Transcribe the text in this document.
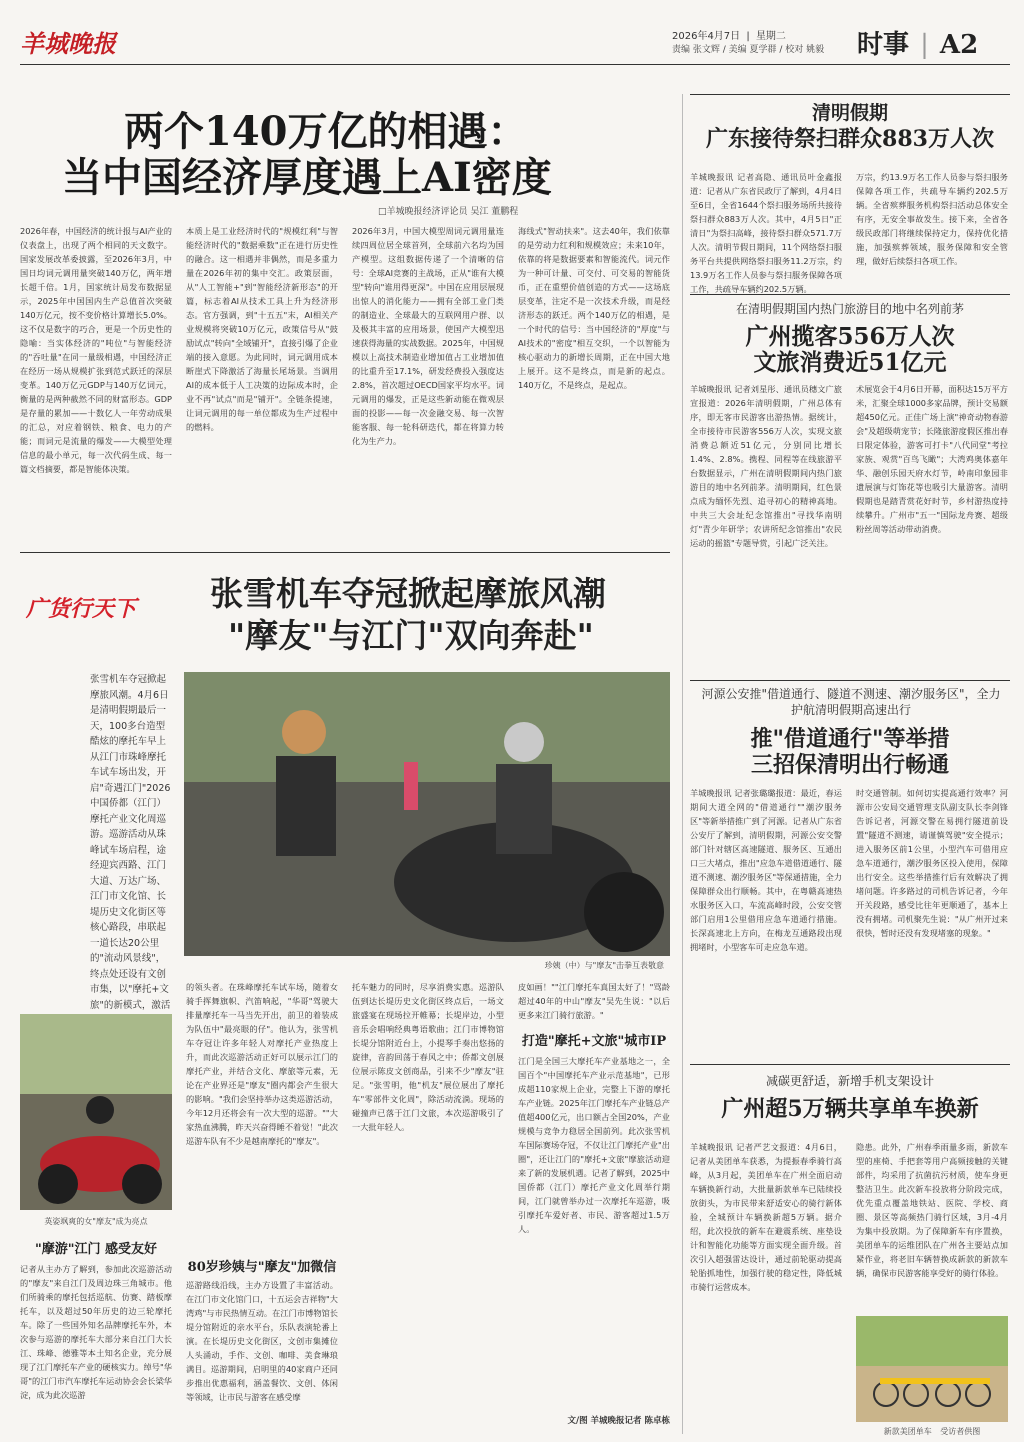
羊城晚报	2026年4月7日 | 星期二
责编 张文辉 / 美编 夏学群 / 校对 姚毅 时事 | A2
两个140万亿的相遇：
当中国经济厚度遇上AI密度
□羊城晚报经济评论员 吴江 董鹏程
2026年春，中国经济的统计报与AI产业的仪表盘上，出现了两个相同的天文数字。国家发展改革委披露，至2026年3月，中国日均词元调用量突破140万亿，两年增长超千倍。1月，国家统计局发布数据显示，2025年中国国内生产总值首次突破140万亿元，按不变价格计算增长5.0%。这不仅是数字的巧合，更是一个历史性的隐喻：当实体经济的"吨位"与智能经济的"吞吐量"在同一量级相遇，中国经济正在经历一场从规模扩张到范式跃迁的深层变革。140万亿元GDP与140万亿词元，衡量的是两种截然不同的财富形态。GDP是存量的累加——十数亿人一年劳动成果的汇总，对应着钢铁、粮食、电力的产能；而词元是流量的爆发——大模型处理信息的最小单元，每一次代码生成、每一篇文档摘要，都是智能体决策。
本质上是工业经济时代的"规模红利"与智能经济时代的"数据乘数"正在进行历史性的融合。这一相遇并非偶然，而是多重力量在2026年初的集中交汇。政策层面，从"人工智能+"到"智能经济新形态"的开篇，标志着AI从技术工具上升为经济形态。官方强调，到"十五五"末，AI相关产业规模将突破10万亿元，政策信号从"鼓励试点"转向"全域铺开"，直接引爆了企业端的接入意愿。为此同时，词元调用成本断崖式下降激活了海量长尾场景。当调用AI的成本低于人工决策的边际成本时，企业不再"试点"而是"铺开"。全链条提速，让词元调用的每一单位都成为生产过程中的燃料。
2026年3月，中国大模型周词元调用量连续四周位居全球首列，全球前六名均为国产模型。这组数据传递了一个清晰的信号：全球AI竞赛的主战场，正从"谁有大模型"转向"谁用得更深"。中国在应用层展现出惊人的消化能力——拥有全部工业门类的制造业、全球最大的互联网用户群、以及极其丰富的应用场景，使国产大模型迅速获得海量的实战数据。2025年，中国规模以上高技术制造业增加值占工业增加值的比重升至17.1%，研发经费投入强度达2.8%，首次超过OECD国家平均水平。词元调用的爆发，正是这些新动能在微观层面的投影——每一次金融交易、每一次智能客服、每一轮科研迭代，都在将算力转化为生产力。
海线式"智动扶来"。这去40年，我们依靠的是劳动力红利和规模效应；未来10年，依靠的将是数据要素和智能流代。词元作为一种可计量、可交付、可交易的智能货币，正在重塑价值创造的方式——这场底层变革，注定不是一次技术升级，而是经济形态的跃迁。两个140万亿的相遇，是一个时代的信号：当中国经济的"厚度"与AI技术的"密度"相互交织，一个以智能为核心驱动力的新增长周期，正在中国大地上展开。这不是终点，而是新的起点。140万亿，不是终点，是起点。
清明假期
广东接待祭扫群众883万人次
羊城晚报讯 记者高隐、通讯员叶金鑫报道：记者从广东省民政厅了解到，4月4日至6日，全省1644个祭扫服务场所共接待祭扫群众883万人次。其中，4月5日"正清日"为祭扫高峰，接待祭扫群众571.7万人次。清明节假日期间，11个网络祭扫服务平台共提供网络祭扫服务11.2万宗，约13.9万名工作人员参与祭扫服务保障各项工作，共疏导车辆约202.5万辆。
万宗，约13.9万名工作人员参与祭扫服务保障各项工作，共疏导车辆约202.5万辆。全省殡葬服务机构祭扫活动总体安全有序，无安全事故发生。接下来，全省各级民政部门将继续保持定力，保持优化措施，加强殡葬领域，服务保障和安全管理，做好后续祭扫各项工作。
在清明假期国内热门旅游目的地中名列前茅
广州揽客556万人次
文旅消费近51亿元
羊城晚报讯 记者刘星彤、通讯员穗文广旅宣报道：2026年清明假期，广州总体有序，即无客市民游客出游热情。据统计，全市接待市民游客556万人次，实现文旅消费总额近51亿元，分别同比增长1.4%、2.8%。携程、同程等在线旅游平台数据显示，广州在清明假期间内热门旅游目的地中名列前茅。清明期间，红色景点成为缅怀先烈、追寻初心的精神高地。中共三大会址纪念馆推出"寻找华南明灯"青少年研学；农讲所纪念馆推出"农民运动的摇篮"专题导赏，引起广泛关注。
术展览会于4月6日开幕，面积达15万平方米，汇聚全球1000多家品牌，预计交易额超450亿元。正佳广场上演"神奇动物春游会"及超级萌宠节；长隆旅游度假区推出春日限定体验，游客可打卡"八代同堂"考拉家族、观赏"百鸟飞瞰"；大湾鸡奥体嘉年华、融创乐园天府水灯节，岭南印象园非遗展演与灯饰花等也吸引大量游客。清明假期也是踏青赏花好时节，乡村游热度持续攀升。广州市"五一"国际龙舟赛、超级粉丝周等活动带动消费。
河源公安推"借道通行、隧道不测速、潮汐服务区"，全力护航清明假期高速出行
推"借道通行"等举措
三招保清明出行畅通
羊城晚报讯 记者张璐璐报道：最近，春运期间大道全网的"借道通行""潮汐服务区"等新举措推广到了河源。记者从广东省公安厅了解到，清明假期，河源公安交警部门针对辖区高速隧道、服务区、互通出口三大堵点，推出"应急车道借道通行、隧道不测速、潮汐服务区"等保通措施，全力保障群众出行顺畅。其中，在粤赣高速热水服务区入口，车流高峰时段，公安交管部门启用1公里借用应急车道通行措施。长深高速北上方向，在梅龙互通路段出现拥堵时，小型客车可走应急车道。
时交通管制。如何切实提高通行效率？河源市公安局交通管理支队副支队长李剑锋告诉记者，河源交警在易拥行隧道前设置"隧道不测速，请谨慎驾驶"安全提示；进入服务区前1公里，小型汽车可借用应急车道通行，潮汐服务区投入使用，保障出行安全。这些举措推行后有效解决了拥堵问题。许多路过的司机告诉记者，今年开关段路，感受比往年更顺通了，基本上没有拥堵。司机聚先生说："从广州开过来很快，暂时还没有发现堵塞的现象。"
减碳更舒适，新增手机支架设计
广州超5万辆共享单车换新
羊城晚报讯 记者严艺文报道：4月6日，记者从美团单车获悉，为提振春季骑行高峰，从3月起，美团单车在广州全面启动车辆换新行动，大批量新款单车已陆续投放街头，为市民带来舒适安心的骑行新体验，全城预计车辆换新超5万辆。据介绍，此次投放的新车在避震系统、座垫设计和智能化功能等方面实现全面升级。首次引入超强雷达设计，通过前轮驱动提高轮胎抓地性，加强行驶的稳定性，降低城市骑行运营成本。
隐患。此外，广州春季雨量多雨，新款车型的座椅、手把套等用户高频接触的关键部件，均采用了抗菌抗污材质，使车身更整洁卫生。此次新车投放将分阶段完成，优先重点覆盖地铁站、医院、学校、商圈、景区等高频热门骑行区域，3月-4月为集中投放期。为了保障新车有序置换，美团单车的运维团队在广州各主要站点加紧作业，将老旧车辆替换成新款的新款车辆，确保市民游客能享受好的骑行体验。
新款美团单车 受访者供图
广货行天下 张雪机车夺冠掀起摩旅风潮
"摩友"与江门"双向奔赴"
张雪机车夺冠掀起摩旅风潮。4月6日是清明假期最后一天，100多台造型酷炫的摩托车早上从江门市珠峰摩托车试车场出发，开启"奇遇江门"2026中国侨都（江门）摩托产业文化周巡游。巡游活动从珠峰试车场启程，途经迎宾西路、江门大道、万达广场、江门市文化馆、长堤历史文化街区等核心路段，串联起一道长达20公里的"流动风景线"，终点处还设有文创市集，以"摩托+文旅"的新模式，激活
珍姨（中）与"摩友"击拳互表敬意
英姿飒爽的女"摩友"成为亮点
"摩游"江门 感受友好
记者从主办方了解到，参加此次巡游活动的"摩友"来自江门及周边珠三角城市。他们所骑乘的摩托包括巡航、仿赛、踏板摩托车，以及超过50年历史的边三轮摩托车。除了一些国外知名品牌摩托车外，本次参与巡游的摩托车大部分来自江门大长江、珠峰、德雅等本土知名企业，充分展现了江门摩托车产业的硬核实力。绰号"华哥"的江门市汽车摩托车运动协会会长梁华淀，成为此次巡游
的领头者。在珠峰摩托车试车场，随着女骑手挥舞旗帜、汽笛响起，"华哥"驾驶大排量摩托车一马当先开出，前卫的着装成为队伍中"最亮眼的仔"。他认为，张雪机车夺冠让许多年轻人对摩托产业热度上升，而此次巡游活动正好可以展示江门的摩托产业，并结合文化、摩旅等元素，无论在产业界还是"摩友"圈内都会产生很大的影响。"我们会坚持举办这类巡游活动，今年12月还将会有一次大型的巡游。""大家热血沸腾，昨天兴奋得睡不着觉！"此次巡游车队有不少是越南摩托的"摩友"。
80岁珍姨与"摩友"加微信
巡游路线沿线，主办方设置了丰富活动。在江门市文化馆门口，十五运会吉祥物"大湾鸡"与市民热情互动。在江门市博物馆长堤分馆附近的亲水平台，乐队表演轮番上演。在长堤历史文化街区，文创市集摊位人头涌动，手作、文创、咖啡、美食琳琅满目。巡游期间，启明里的40家商户还同步推出优惠福利，涵盖餐饮、文创、体闲等领域，让市民与游客在感受摩
托车魅力的同时，尽享消费实惠。巡游队伍到达长堤历史文化街区终点后，一场文旅盛宴在现场拉开帷幕；长堤岸边，小型音乐会唱响经典粤语歌曲；江门市博物馆长堤分馆附近台上，小提琴手奏出悠扬的旋律，音韵回荡于春风之中；侨都文创展位展示陈皮文创商品，引来不少"摩友"驻足。"张雪明，他"机友"展位展出了摩托车"零部件文化周"，除活动流淌。现场的碰撞声已落于江门文旅，本次巡游吸引了一大批年轻人。
皮如画！""江门摩托车真国太好了！"骂龄超过40年的中山"摩友"吴先生说："以后更多来江门骑行旅游。"
打造"摩托+文旅"城市IP
江门是全国三大摩托车产业基地之一，全国百个"中国摩托车产业示范基地"，已形成超110家规上企业，完整上下游的摩托车产业链。2025年江门摩托车产业链总产值超400亿元，出口额占全国20%，产业规模与竞争力稳居全国前列。此次张雪机车国际赛场夺冠，不仅让江门摩托产业"出圈"，还让江门的"摩托+文旅"摩旅活动迎来了新的发展机遇。记者了解到，2025中国侨都（江门）摩托产业文化周举行期间，江门就曾举办过一次摩托车巡游，吸引摩托车爱好者、市民、游客超过1.5万人。
文/图 羊城晚报记者 陈卓栋
